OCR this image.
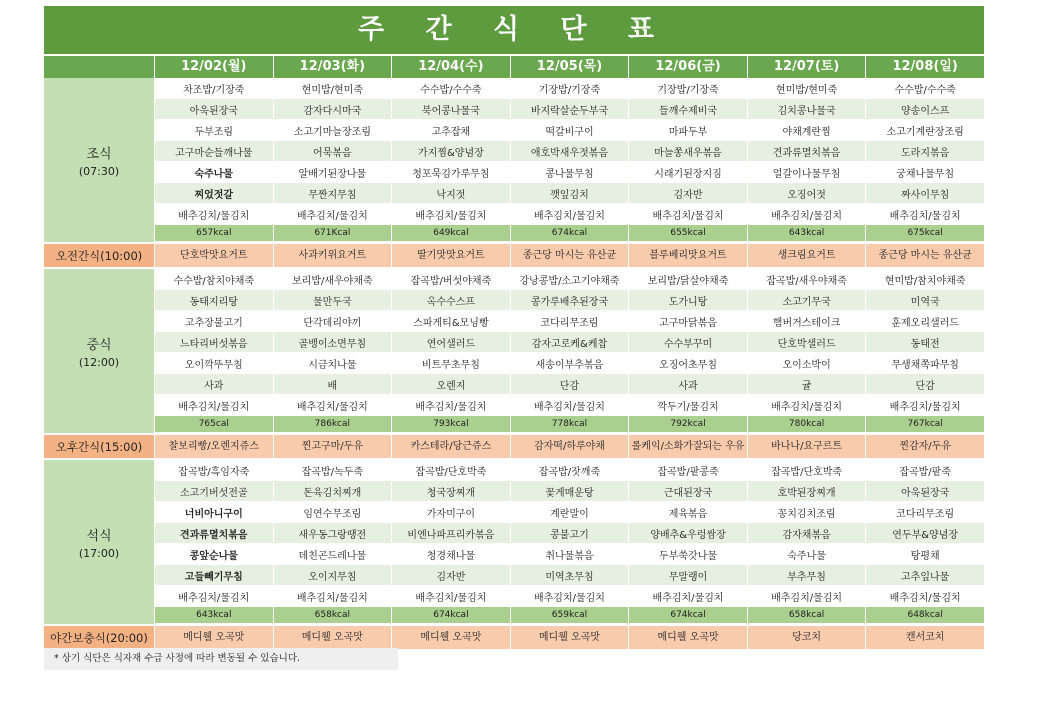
주 간 식 단 표
12/02(월)	12/03(화)	12/04(수)	12/05(목)	12/06(금)	12/07(토)	12/08(일)
조식
(07:30)
차조밥/기장죽	현미밥/현미죽	수수밥/수수죽	기장밥/기장죽	기장밥/기장죽	현미밥/현미죽	수수밥/수수죽
아욱된장국	감자다시마국	북어콩나물국	바지락살순두부국	들깨수제비국	김치콩나물국	양송이스프
두부조림	소고기마늘장조림	고추잡채	떡갈비구이	마파두부	야채계란찜	소고기계란장조림
고구마순들깨나물	어묵볶음	가지찜&양념장	애호박새우젓볶음	마늘쫑새우볶음	견과류멸치볶음	도라지볶음
숙주나물	알배기된장나물	청포묵김가루무침	콩나물무침	시래기된장지짐	얼갈이나물무침	궁채나물무침
찌었젓갈	무짠지무침	낙지젓	깻잎김치	김자반	오징어젓	짜사이무침
배추김치/물김치	배추김치/물김치	배추김치/물김치	배추김치/물김치	배추김치/물김치	배추김치/물김치	배추김치/물김치
657kcal	671Kcal	649kcal	674kcal	655kcal	643kcal	675kcal
오전간식(10:00)	단호박맛요거트	사과키위요거트	딸기맛맛요거트	종근당 마시는 유산균	블루베리맛요거트	생크림요거트	종근당 마시는 유산균
중식
(12:00)
수수밥/참치야채죽	보리밥/새우야채죽	잡곡밥/버섯야채죽	강낭콩밥/소고기야채죽	보리밥/닭살야채죽	잡곡밥/새우야채죽	현미밥/참치야채죽
동태지리탕	물만두국	옥수수스프	콩가루배추된장국	도가니탕	소고기무국	미역국
고추장불고기	단각데리야끼	스파게티&모닝빵	코다리무조림	고구마닭볶음	햄버거스테이크	훈제오리샐러드
느타리버섯볶음	골뱅이소면무침	연어샐러드	감자고로케&케찹	수수부꾸미	단호박샐러드	동태전
오이깍뚜무침	시금치나물	비트무초무침	새송이부추볶음	오징어초무침	오이소박이	무생채쪽파무침
사과	배	오렌지	단감	사과	귤	단감
배추김치/물김치	배추김치/물김치	배추김치/물김치	배추김치/물김치	깍두기/물김치	배추김치/물김치	배추김치/물김치
765cal	786kcal	793kcal	778kcal	792kcal	780kcal	767kcal
오후간식(15:00)	찰보리빵/오렌지쥬스	찐고구마/두유	카스테라/당근쥬스	감자떡/하루야채	롤케익/소화가잘되는 우유	바나나/요구르트	찐감자/두유
석식
(17:00)
잡곡밥/흑임자죽	잡곡밥/녹두죽	잡곡밥/단호박죽	잡곡밥/잣깨죽	잡곡밥/팥콩죽	잡곡밥/단호박죽	잡곡밥/팥죽
소고기버섯전골	돈육김치찌개	청국장찌개	꽃게매운탕	근대된장국	호박된장찌개	아욱된장국
너비아니구이	임연수무조림	가자미구이	계란말이	제육볶음	꽁치김치조림	코다리무조림
견과류멸치볶음	새우동그랑땡전	비엔나파프리카볶음	콩불고기	양배추&우렁쌈장	감자채볶음	연두부&양념장
콩앞순나물	데친곤드레나물	청경채나물	취나물볶음	두부쑥갓나물	숙주나물	탕평채
고들빼기무침	오이지무침	김자반	미역초무침	무말랭이	부추무침	고추잎나물
배추김치/물김치	배추김치/물김치	배추김치/물김치	배추김치/물김치	배추김치/물김치	배추김치/물김치	배추김치/물김치
643kcal	658kcal	674kcal	659kcal	674kcal	658kcal	648kcal
야간보충식(20:00)	메디웰 오곡맛	메디웰 오곡맛	메디웰 오곡맛	메디웰 오곡맛	메디웰 오곡맛	당코치	캔서코치
* 상기 식단은 식자재 수급 사정에 따라 변동될 수 있습니다.
